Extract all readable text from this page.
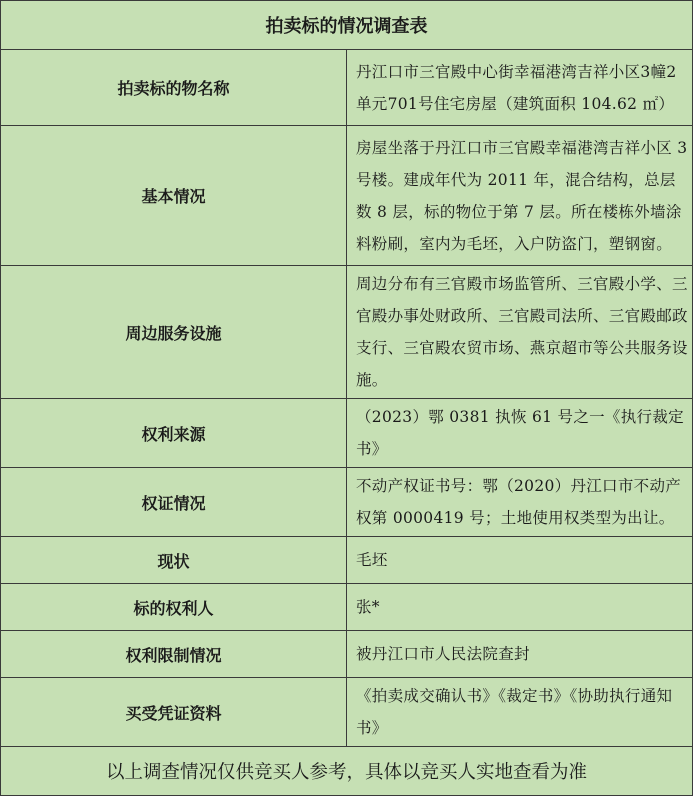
拍卖标的情况调查表	
拍卖标的物名称	丹江口市三官殿中心街幸福港湾吉祥小区3幢2单元701号住宅房屋（建筑面积 104.62 ㎡）
基本情况	房屋坐落于丹江口市三官殿幸福港湾吉祥小区 3 号楼。建成年代为 2011 年，混合结构，总层数 8 层，标的物位于第 7 层。所在楼栋外墙涂料粉刷，室内为毛坯，入户防盗门，塑钢窗。
周边服务设施	周边分布有三官殿市场监管所、三官殿小学、三官殿办事处财政所、三官殿司法所、三官殿邮政支行、三官殿农贸市场、燕京超市等公共服务设施。
权利来源	（2023）鄂 0381 执恢 61 号之一《执行裁定书》
权证情况	不动产权证书号：鄂（2020）丹江口市不动产权第 0000419 号；土地使用权类型为出让。
现状	毛坯
标的权利人	张*
权利限制情况	被丹江口市人民法院查封
买受凭证资料	《拍卖成交确认书》《裁定书》《协助执行通知书》
以上调查情况仅供竞买人参考，具体以竞买人实地查看为准	
